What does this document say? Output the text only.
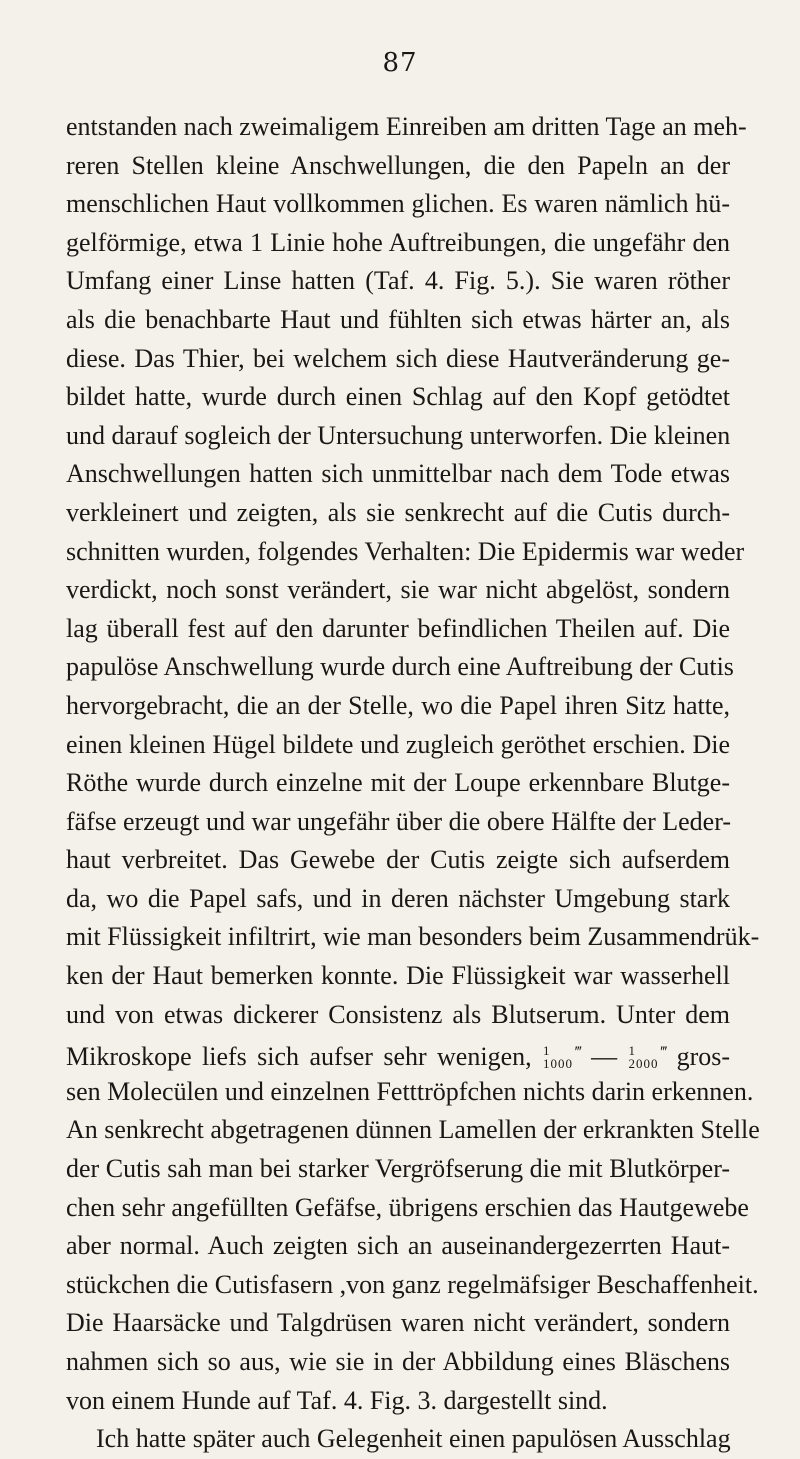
87
entstanden nach zweimaligem Einreiben am dritten Tage an meh-
reren Stellen kleine Anschwellungen, die den Papeln an der
menschlichen Haut vollkommen glichen. Es waren nämlich hü-
gelförmige, etwa 1 Linie hohe Auftreibungen, die ungefähr den
Umfang einer Linse hatten (Taf. 4. Fig. 5.). Sie waren röther
als die benachbarte Haut und fühlten sich etwas härter an, als
diese. Das Thier, bei welchem sich diese Hautveränderung ge-
bildet hatte, wurde durch einen Schlag auf den Kopf getödtet
und darauf sogleich der Untersuchung unterworfen. Die kleinen
Anschwellungen hatten sich unmittelbar nach dem Tode etwas
verkleinert und zeigten, als sie senkrecht auf die Cutis durch-
schnitten wurden, folgendes Verhalten: Die Epidermis war weder
verdickt, noch sonst verändert, sie war nicht abgelöst, sondern
lag überall fest auf den darunter befindlichen Theilen auf. Die
papulöse Anschwellung wurde durch eine Auftreibung der Cutis
hervorgebracht, die an der Stelle, wo die Papel ihren Sitz hatte,
einen kleinen Hügel bildete und zugleich geröthet erschien. Die
Röthe wurde durch einzelne mit der Loupe erkennbare Blutge-
fäfse erzeugt und war ungefähr über die obere Hälfte der Leder-
haut verbreitet. Das Gewebe der Cutis zeigte sich aufserdem
da, wo die Papel safs, und in deren nächster Umgebung stark
mit Flüssigkeit infiltrirt, wie man besonders beim Zusammendrük-
ken der Haut bemerken konnte. Die Flüssigkeit war wasserhell
und von etwas dickerer Consistenz als Blutserum. Unter dem
Mikroskope liefs sich aufser sehr wenigen, 1
1000
‴ — 1
2000
‴ gros-
sen Molecülen und einzelnen Fetttröpfchen nichts darin erkennen.
An senkrecht abgetragenen dünnen Lamellen der erkrankten Stelle
der Cutis sah man bei starker Vergröfserung die mit Blutkörper-
chen sehr angefüllten Gefäfse, übrigens erschien das Hautgewebe
aber normal. Auch zeigten sich an auseinandergezerrten Haut-
stückchen die Cutisfasern ,von ganz regelmäfsiger Beschaffenheit.
Die Haarsäcke und Talgdrüsen waren nicht verändert, sondern
nahmen sich so aus, wie sie in der Abbildung eines Bläschens
von einem Hunde auf Taf. 4. Fig. 3. dargestellt sind.
Ich hatte später auch Gelegenheit einen papulösen Ausschlag
